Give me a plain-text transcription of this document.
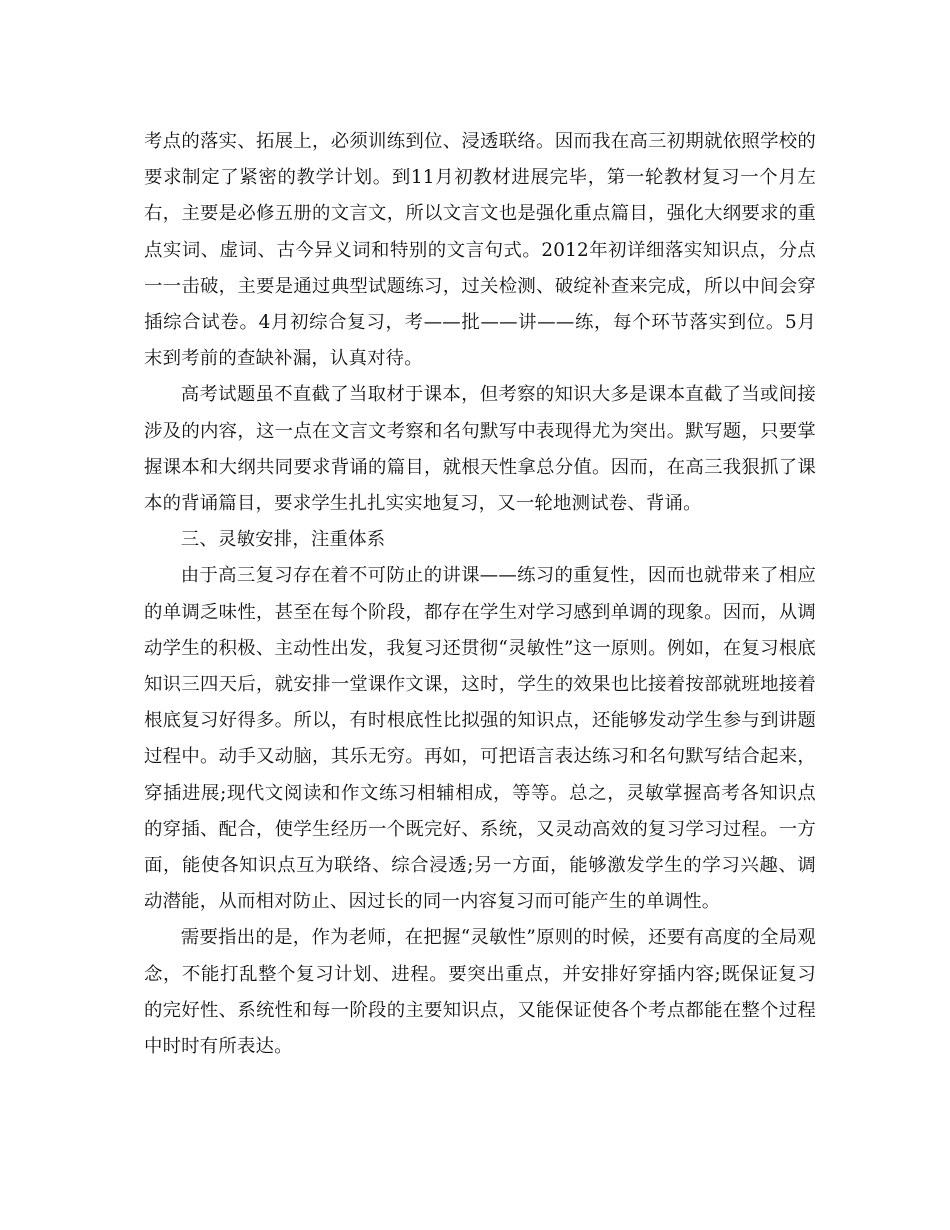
考点的落实、拓展上，必须训练到位、浸透联络。因而我在高三初期就依照学校的要求制定了紧密的教学计划。到11月初教材进展完毕，第一轮教材复习一个月左右，主要是必修五册的文言文，所以文言文也是强化重点篇目，强化大纲要求的重点实词、虚词、古今异义词和特别的文言句式。2012年初详细落实知识点，分点一一击破，主要是通过典型试题练习，过关检测、破绽补查来完成，所以中间会穿插综合试卷。4月初综合复习，考——批——讲——练，每个环节落实到位。5月末到考前的查缺补漏，认真对待。

高考试题虽不直截了当取材于课本，但考察的知识大多是课本直截了当或间接涉及的内容，这一点在文言文考察和名句默写中表现得尤为突出。默写题，只要掌握课本和大纲共同要求背诵的篇目，就根天性拿总分值。因而，在高三我狠抓了课本的背诵篇目，要求学生扎扎实实地复习，又一轮地测试卷、背诵。

三、灵敏安排，注重体系

由于高三复习存在着不可防止的讲课——练习的重复性，因而也就带来了相应的单调乏味性，甚至在每个阶段，都存在学生对学习感到单调的现象。因而，从调动学生的积极、主动性出发，我复习还贯彻“灵敏性”这一原则。例如，在复习根底知识三四天后，就安排一堂课作文课，这时，学生的效果也比接着按部就班地接着根底复习好得多。所以，有时根底性比拟强的知识点，还能够发动学生参与到讲题过程中。动手又动脑，其乐无穷。再如，可把语言表达练习和名句默写结合起来，穿插进展;现代文阅读和作文练习相辅相成，等等。总之，灵敏掌握高考各知识点的穿插、配合，使学生经历一个既完好、系统，又灵动高效的复习学习过程。一方面，能使各知识点互为联络、综合浸透;另一方面，能够激发学生的学习兴趣、调动潜能，从而相对防止、因过长的同一内容复习而可能产生的单调性。

需要指出的是，作为老师，在把握“灵敏性”原则的时候，还要有高度的全局观念，不能打乱整个复习计划、进程。要突出重点，并安排好穿插内容;既保证复习的完好性、系统性和每一阶段的主要知识点，又能保证使各个考点都能在整个过程中时时有所表达。
